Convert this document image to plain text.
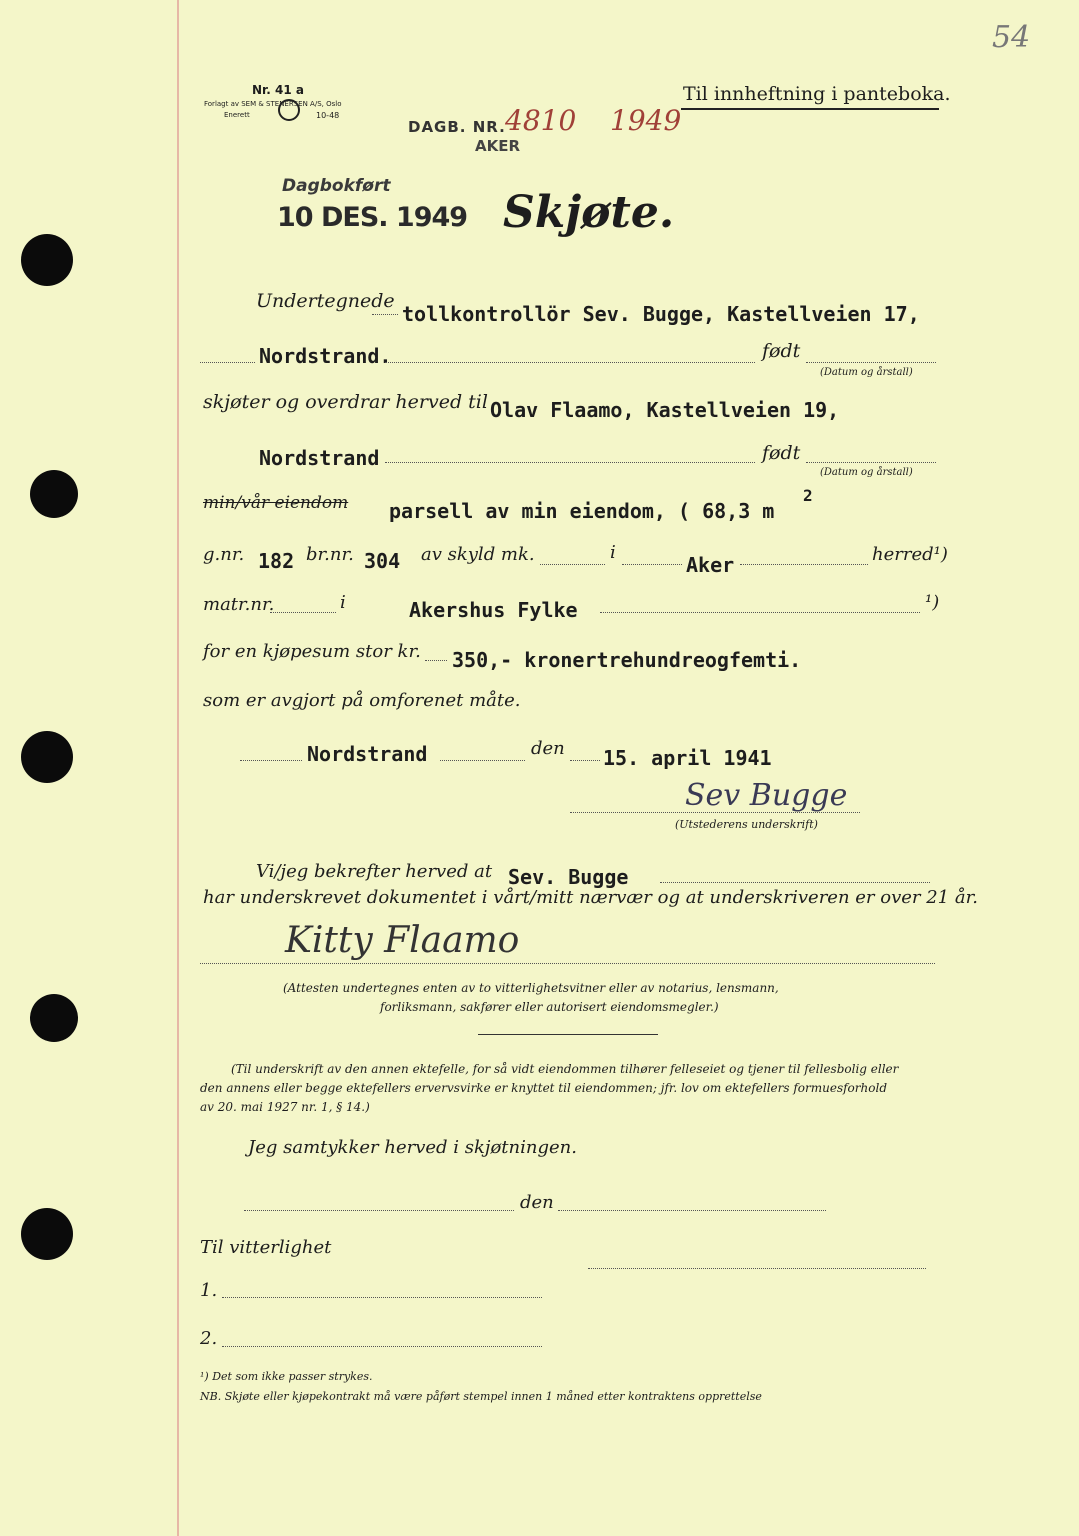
Nr. 41 a
Forlagt av SEM & STENERSEN A/S, Oslo
Enerett	10-48
DAGB. NR. 4810 1949
AKER
54
Til innheftning i panteboka.
Dagbokført
10 DES. 1949 Skjøte.
Undertegnede
tollkontrollör Sev. Bugge, Kastellveien 17,
Nordstrand.	født
(Datum og årstall)
skjøter og overdrar herved til Olav Flaamo, Kastellveien 19,
Nordstrand	født
(Datum og årstall)
min/vår eiendom parsell av min eiendom, ( 68,3 m
2
g.nr. 182 br.nr. 304 av skyld mk.	i
Aker	herred¹)
matr.nr.	i	Akershus Fylke	¹)
for en kjøpesum stor kr. 350,- kronertrehundreogfemti.
som er avgjort på omforenet måte.
Nordstrand	den 15. april 1941
Sev Bugge
(Utstederens underskrift)
Vi/jeg bekrefter herved at Sev. Bugge
har underskrevet dokumentet i vårt/mitt nærvær og at underskriveren er over 21 år.
Kitty Flaamo
(Attesten undertegnes enten av to vitterlighetsvitner eller av notarius, lensmann,
forliksmann, sakfører eller autorisert eiendomsmegler.)
(Til underskrift av den annen ektefelle, for så vidt eiendommen tilhører felleseiet og tjener til fellesbolig eller
den annens eller begge ektefellers ervervsvirke er knyttet til eiendommen; jfr. lov om ektefellers formuesforhold
av 20. mai 1927 nr. 1, § 14.)
Jeg samtykker herved i skjøtningen.
den
Til vitterlighet
1.
2.
¹) Det som ikke passer strykes.
NB. Skjøte eller kjøpekontrakt må være påført stempel innen 1 måned etter kontraktens opprettelse
